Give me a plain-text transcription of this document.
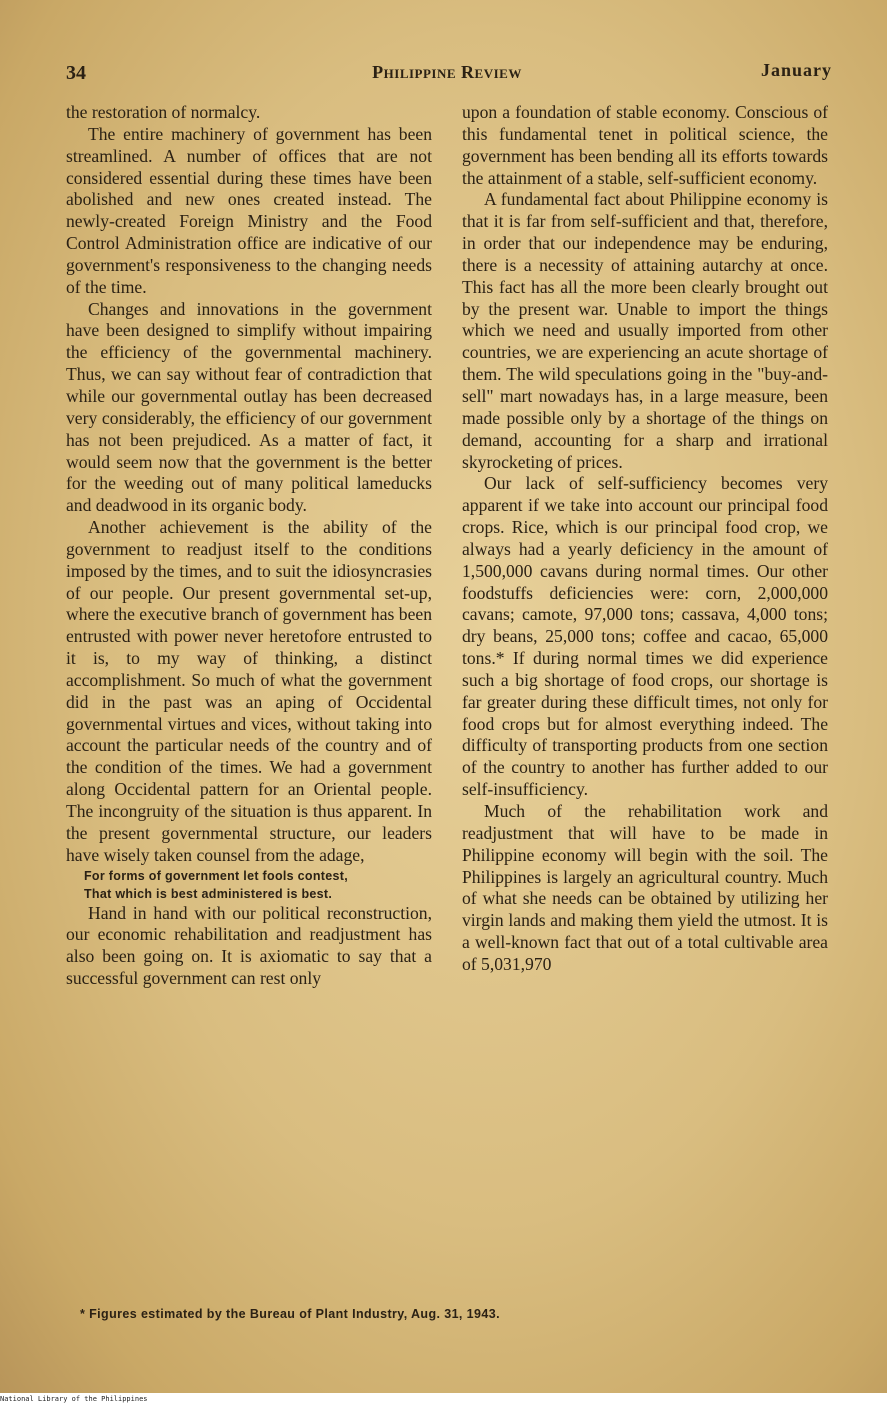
34	Philippine Review	January

the restoration of normalcy.

The entire machinery of government has been streamlined. A number of offices that are not considered essential during these times have been abolished and new ones created instead. The newly-created Foreign Ministry and the Food Control Administration office are indicative of our government's responsiveness to the changing needs of the time.

Changes and innovations in the government have been designed to simplify without impairing the efficiency of the governmental machinery. Thus, we can say without fear of contradiction that while our governmental outlay has been decreased very considerably, the efficiency of our government has not been prejudiced. As a matter of fact, it would seem now that the government is the better for the weeding out of many political lameducks and deadwood in its organic body.

Another achievement is the ability of the government to readjust itself to the conditions imposed by the times, and to suit the idiosyncrasies of our people. Our present governmental set-up, where the executive branch of government has been entrusted with power never heretofore entrusted to it is, to my way of thinking, a distinct accomplishment. So much of what the government did in the past was an aping of Occidental governmental virtues and vices, without taking into account the particular needs of the country and of the condition of the times. We had a government along Occidental pattern for an Oriental people. The incongruity of the situation is thus apparent. In the present governmental structure, our leaders have wisely taken counsel from the adage,

For forms of government let fools contest,
That which is best administered is best.

Hand in hand with our political reconstruction, our economic rehabilitation and readjustment has also been going on. It is axiomatic to say that a successful government can rest only

upon a foundation of stable economy. Conscious of this fundamental tenet in political science, the government has been bending all its efforts towards the attainment of a stable, self-sufficient economy.

A fundamental fact about Philippine economy is that it is far from self-sufficient and that, therefore, in order that our independence may be enduring, there is a necessity of attaining autarchy at once. This fact has all the more been clearly brought out by the present war. Unable to import the things which we need and usually imported from other countries, we are experiencing an acute shortage of them. The wild speculations going in the "buy-and-sell" mart nowadays has, in a large measure, been made possible only by a shortage of the things on demand, accounting for a sharp and irrational skyrocketing of prices.

Our lack of self-sufficiency becomes very apparent if we take into account our principal food crops. Rice, which is our principal food crop, we always had a yearly deficiency in the amount of 1,500,000 cavans during normal times. Our other foodstuffs deficiencies were: corn, 2,000,000 cavans; camote, 97,000 tons; cassava, 4,000 tons; dry beans, 25,000 tons; coffee and cacao, 65,000 tons.* If during normal times we did experience such a big shortage of food crops, our shortage is far greater during these difficult times, not only for food crops but for almost everything indeed. The difficulty of transporting products from one section of the country to another has further added to our self-insufficiency.

Much of the rehabilitation work and readjustment that will have to be made in Philippine economy will begin with the soil. The Philippines is largely an agricultural country. Much of what she needs can be obtained by utilizing her virgin lands and making them yield the utmost. It is a well-known fact that out of a total cultivable area of 5,031,970

* Figures estimated by the Bureau of Plant Industry, Aug. 31, 1943.
National Library of the Philippines
